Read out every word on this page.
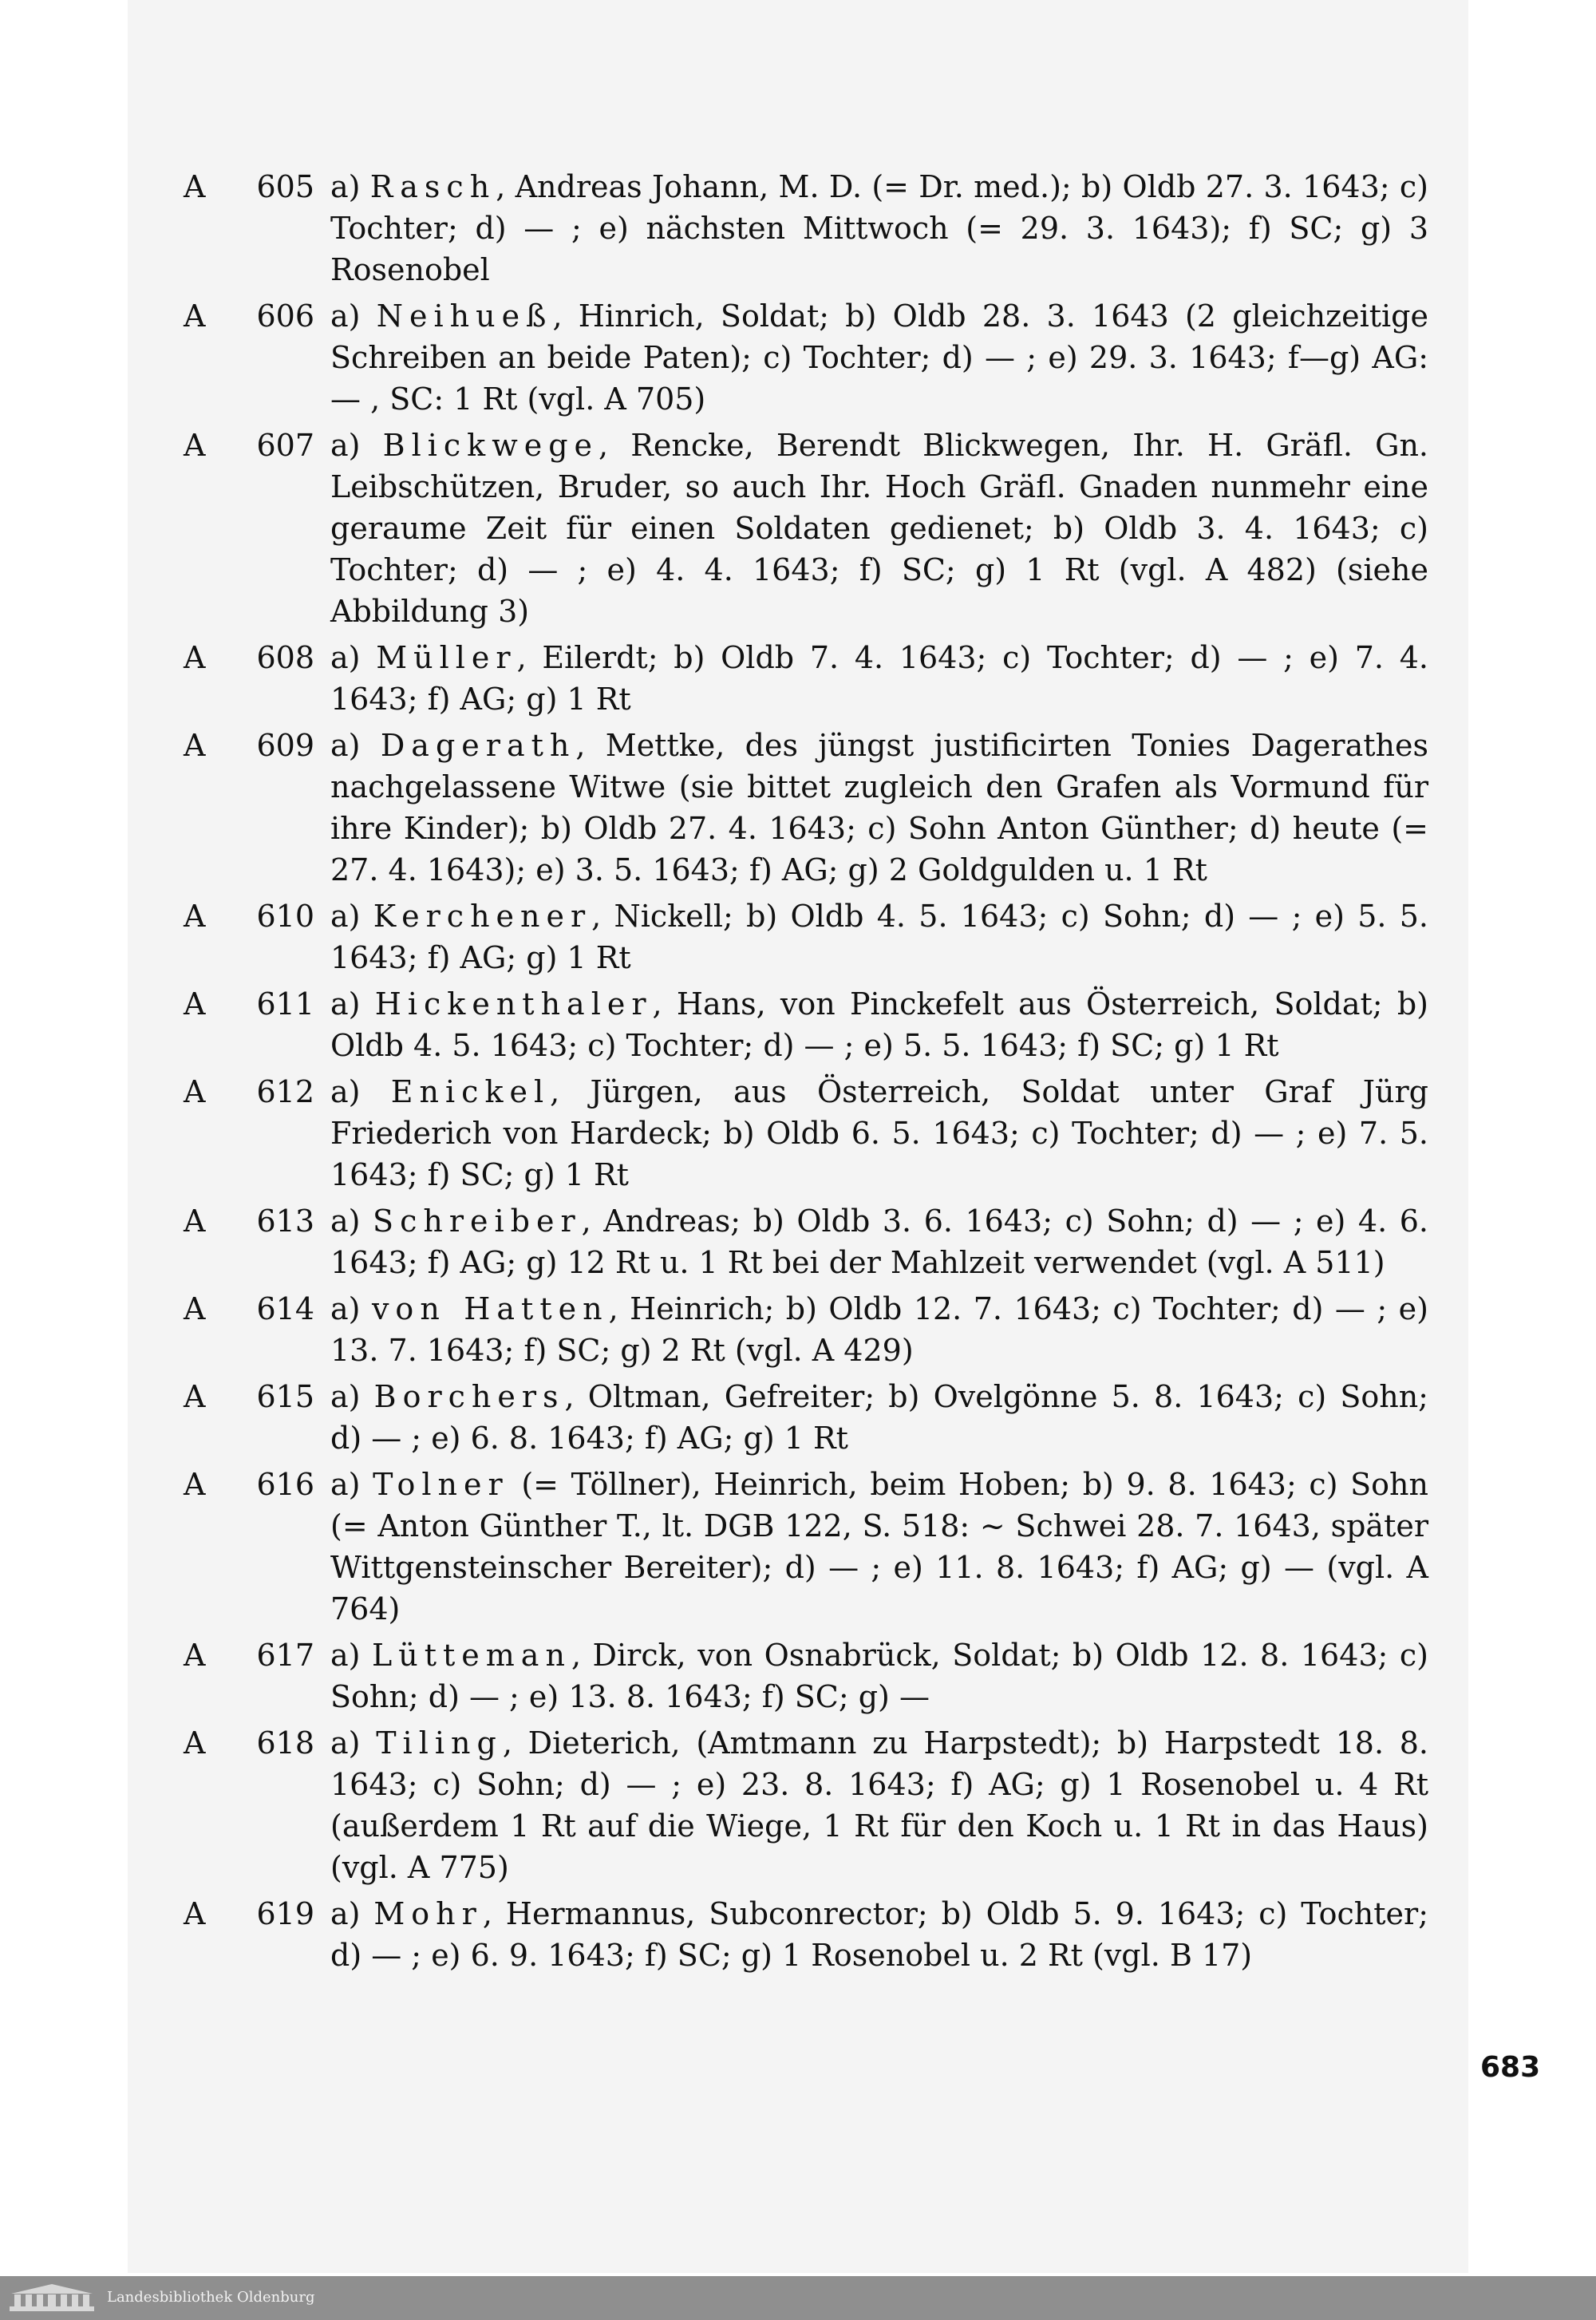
A	605 a) Rasch, Andreas Johann, M. D. (= Dr. med.); b) Oldb 27. 3. 1643; c) Tochter; d) — ; e) nächsten Mittwoch (= 29. 3. 1643); f) SC; g) 3 Rosenobel
A	606 a) Neihueß, Hinrich, Soldat; b) Oldb 28. 3. 1643 (2 gleichzeitige Schreiben an beide Paten); c) Tochter; d) — ; e) 29. 3. 1643; f—g) AG: — , SC: 1 Rt (vgl. A 705)
A	607 a) Blickwege, Rencke, Berendt Blickwegen, Ihr. H. Gräfl. Gn. Leibschützen, Bruder, so auch Ihr. Hoch Gräfl. Gnaden nunmehr eine geraume Zeit für einen Soldaten gedienet; b) Oldb 3. 4. 1643; c) Tochter; d) — ; e) 4. 4. 1643; f) SC; g) 1 Rt (vgl. A 482) (siehe Abbildung 3)
A	608 a) Müller, Eilerdt; b) Oldb 7. 4. 1643; c) Tochter; d) — ; e) 7. 4. 1643; f) AG; g) 1 Rt
A	609 a) Dagerath, Mettke, des jüngst justificirten Tonies Dagerathes nachgelassene Witwe (sie bittet zugleich den Grafen als Vormund für ihre Kinder); b) Oldb 27. 4. 1643; c) Sohn Anton Günther; d) heute (= 27. 4. 1643); e) 3. 5. 1643; f) AG; g) 2 Goldgulden u. 1 Rt
A	610 a) Kerchener, Nickell; b) Oldb 4. 5. 1643; c) Sohn; d) — ; e) 5. 5. 1643; f) AG; g) 1 Rt
A	611 a) Hickenthaler, Hans, von Pinckefelt aus Österreich, Soldat; b) Oldb 4. 5. 1643; c) Tochter; d) — ; e) 5. 5. 1643; f) SC; g) 1 Rt
A	612 a) Enickel, Jürgen, aus Österreich, Soldat unter Graf Jürg Friederich von Hardeck; b) Oldb 6. 5. 1643; c) Tochter; d) — ; e) 7. 5. 1643; f) SC; g) 1 Rt
A	613 a) Schreiber, Andreas; b) Oldb 3. 6. 1643; c) Sohn; d) — ; e) 4. 6. 1643; f) AG; g) 12 Rt u. 1 Rt bei der Mahlzeit verwendet (vgl. A 511)
A	614 a) von Hatten, Heinrich; b) Oldb 12. 7. 1643; c) Tochter; d) — ; e) 13. 7. 1643; f) SC; g) 2 Rt (vgl. A 429)
A	615 a) Borchers, Oltman, Gefreiter; b) Ovelgönne 5. 8. 1643; c) Sohn; d) — ; e) 6. 8. 1643; f) AG; g) 1 Rt
A	616 a) Tolner (= Töllner), Heinrich, beim Hoben; b) 9. 8. 1643; c) Sohn (= Anton Günther T., lt. DGB 122, S. 518: ~ Schwei 28. 7. 1643, später Wittgensteinscher Bereiter); d) — ; e) 11. 8. 1643; f) AG; g) — (vgl. A 764)
A	617 a) Lütteman, Dirck, von Osnabrück, Soldat; b) Oldb 12. 8. 1643; c) Sohn; d) — ; e) 13. 8. 1643; f) SC; g) —
A	618 a) Tiling, Dieterich, (Amtmann zu Harpstedt); b) Harpstedt 18. 8. 1643; c) Sohn; d) — ; e) 23. 8. 1643; f) AG; g) 1 Rosenobel u. 4 Rt (außerdem 1 Rt auf die Wiege, 1 Rt für den Koch u. 1 Rt in das Haus) (vgl. A 775)
A	619 a) Mohr, Hermannus, Subconrector; b) Oldb 5. 9. 1643; c) Tochter; d) — ; e) 6. 9. 1643; f) SC; g) 1 Rosenobel u. 2 Rt (vgl. B 17)
683
Landesbibliothek Oldenburg
